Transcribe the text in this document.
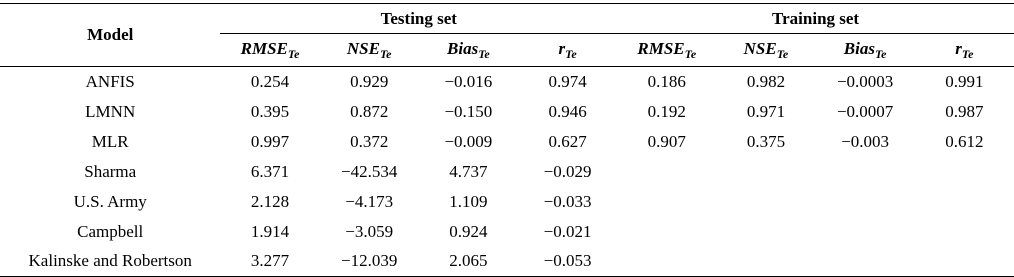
Model	Testing set				Training set			
	$RMSE_{Te}$	$NSE_{Te}$	Bias$_{Te}$	$r_{Te}$	$RMSE_{Te}$	$NSE_{Te}$	Bias$_{Te}$	$r_{Te}$
ANFIS	0.254	0.929	−0.016	0.974	0.186	0.982	−0.0003	0.991
LMNN	0.395	0.872	−0.150	0.946	0.192	0.971	−0.0007	0.987
MLR	0.997	0.372	−0.009	0.627	0.907	0.375	−0.003	0.612
Sharma	6.371	−42.534	4.737	−0.029				
U.S. Army	2.128	−4.173	1.109	−0.033				
Campbell	1.914	−3.059	0.924	−0.021				
Kalinske and Robertson	3.277	−12.039	2.065	−0.053				
